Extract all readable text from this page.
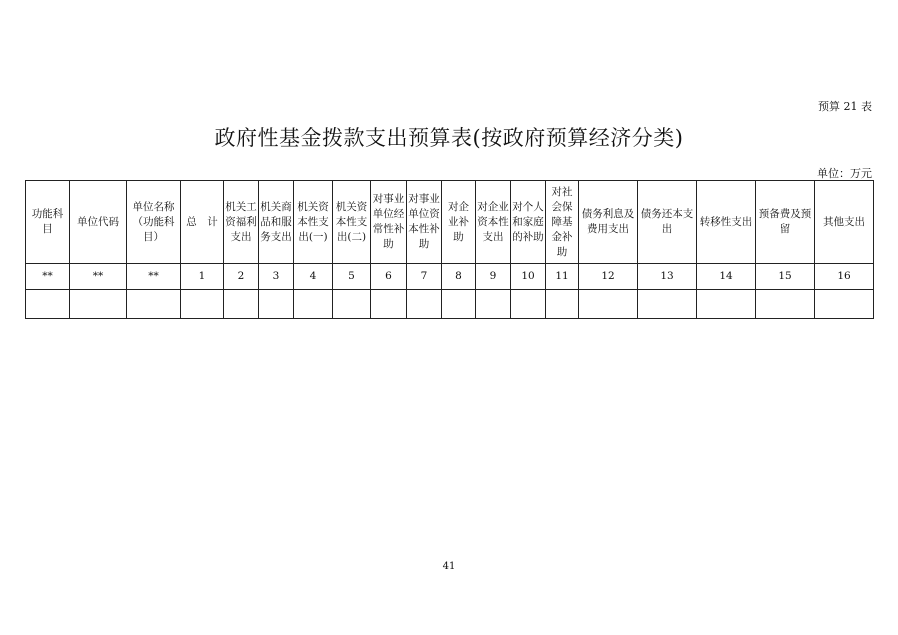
预算 21 表
政府性基金拨款支出预算表(按政府预算经济分类)
单位：万元
功能科目	单位代码	单位名称（功能科目）	总　计	机关工资福利支出	机关商品和服务支出	机关资本性支出(一)	机关资本性支出(二)	对事业单位经常性补助	对事业单位资本性补助	对企业补助	对企业资本性支出	对个人和家庭的补助	对社会保障基金补助	债务利息及费用支出	债务还本支出	转移性支出	预备费及预留	其他支出
**	**	**	1	2	3	4	5	6	7	8	9	10	11	12	13	14	15	16

41
